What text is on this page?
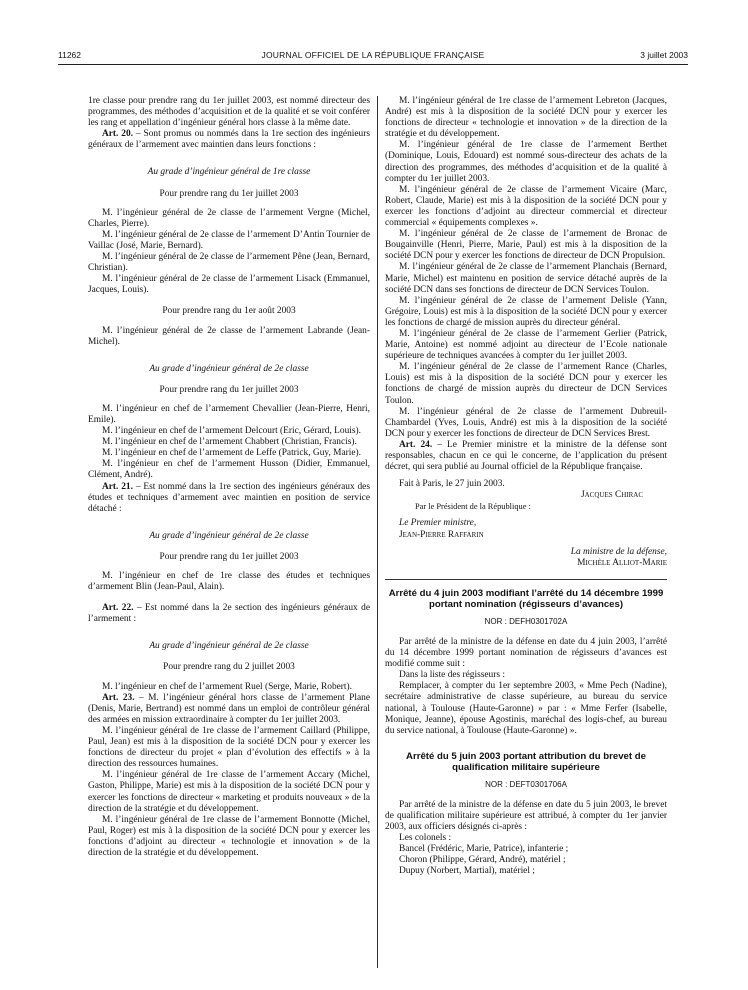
11262	JOURNAL OFFICIEL DE LA RÉPUBLIQUE FRANÇAISE	3 juillet 2003

1re classe pour prendre rang du 1er juillet 2003, est nommé directeur des programmes, des méthodes d’acquisition et de la qualité et se voit conférer les rang et appellation d’ingénieur général hors classe à la même date.

Art. 20. – Sont promus ou nommés dans la 1re section des ingénieurs généraux de l’armement avec maintien dans leurs fonctions :

Au grade d’ingénieur général de 1re classe

Pour prendre rang du 1er juillet 2003

M. l’ingénieur général de 2e classe de l’armement Vergne (Michel, Charles, Pierre).

M. l’ingénieur général de 2e classe de l’armement D’Antin Tournier de Vaillac (José, Marie, Bernard).

M. l’ingénieur général de 2e classe de l’armement Pêne (Jean, Bernard, Christian).

M. l’ingénieur général de 2e classe de l’armement Lisack (Emmanuel, Jacques, Louis).

Pour prendre rang du 1er août 2003

M. l’ingénieur général de 2e classe de l’armement Labrande (Jean-Michel).

Au grade d’ingénieur général de 2e classe

Pour prendre rang du 1er juillet 2003

M. l’ingénieur en chef de l’armement Chevallier (Jean-Pierre, Henri, Emile).

M. l’ingénieur en chef de l’armement Delcourt (Eric, Gérard, Louis).

M. l’ingénieur en chef de l’armement Chabbert (Christian, Francis).

M. l’ingénieur en chef de l’armement de Leffe (Patrick, Guy, Marie).

M. l’ingénieur en chef de l’armement Husson (Didier, Emmanuel, Clément, André).

Art. 21. – Est nommé dans la 1re section des ingénieurs généraux des études et techniques d’armement avec maintien en position de service détaché :

Au grade d’ingénieur général de 2e classe

Pour prendre rang du 1er juillet 2003

M. l’ingénieur en chef de 1re classe des études et techniques d’armement Blin (Jean-Paul, Alain).

Art. 22. – Est nommé dans la 2e section des ingénieurs généraux de l’armement :

Au grade d’ingénieur général de 2e classe

Pour prendre rang du 2 juillet 2003

M. l’ingénieur en chef de l’armement Ruel (Serge, Marie, Robert).

Art. 23. – M. l’ingénieur général hors classe de l’armement Plane (Denis, Marie, Bertrand) est nommé dans un emploi de contrôleur général des armées en mission extraordinaire à compter du 1er juillet 2003.

M. l’ingénieur général de 1re classe de l’armement Caillard (Philippe, Paul, Jean) est mis à la disposition de la société DCN pour y exercer les fonctions de directeur du projet « plan d’évolution des effectifs » à la direction des ressources humaines.

M. l’ingénieur général de 1re classe de l’armement Accary (Michel, Gaston, Philippe, Marie) est mis à la disposition de la société DCN pour y exercer les fonctions de directeur « marketing et produits nouveaux » de la direction de la stratégie et du développement.

M. l’ingénieur général de 1re classe de l’armement Bonnotte (Michel, Paul, Roger) est mis à la disposition de la société DCN pour y exercer les fonctions d’adjoint au directeur « technologie et innovation » de la direction de la stratégie et du développement.

M. l’ingénieur général de 1re classe de l’armement Lebreton (Jacques, André) est mis à la disposition de la société DCN pour y exercer les fonctions de directeur « technologie et innovation » de la direction de la stratégie et du développement.

M. l’ingénieur général de 1re classe de l’armement Berthet (Dominique, Louis, Edouard) est nommé sous-directeur des achats de la direction des programmes, des méthodes d’acquisition et de la qualité à compter du 1er juillet 2003.

M. l’ingénieur général de 2e classe de l’armement Vicaire (Marc, Robert, Claude, Marie) est mis à la disposition de la société DCN pour y exercer les fonctions d’adjoint au directeur commercial et directeur commercial « équipements complexes ».

M. l’ingénieur général de 2e classe de l’armement de Bronac de Bougainville (Henri, Pierre, Marie, Paul) est mis à la disposition de la société DCN pour y exercer les fonctions de directeur de DCN Propulsion.

M. l’ingénieur général de 2e classe de l’armement Planchais (Bernard, Marie, Michel) est maintenu en position de service détaché auprès de la société DCN dans ses fonctions de directeur de DCN Services Toulon.

M. l’ingénieur général de 2e classe de l’armement Delisle (Yann, Grégoire, Louis) est mis à la disposition de la société DCN pour y exercer les fonctions de chargé de mission auprès du directeur général.

M. l’ingénieur général de 2e classe de l’armement Gerlier (Patrick, Marie, Antoine) est nommé adjoint au directeur de l’Ecole nationale supérieure de techniques avancées à compter du 1er juillet 2003.

M. l’ingénieur général de 2e classe de l’armement Rance (Charles, Louis) est mis à la disposition de la société DCN pour y exercer les fonctions de chargé de mission auprès du directeur de DCN Services Toulon.

M. l’ingénieur général de 2e classe de l’armement Dubreuil-Chambardel (Yves, Louis, André) est mis à la disposition de la société DCN pour y exercer les fonctions de directeur de DCN Services Brest.

Art. 24. – Le Premier ministre et la ministre de la défense sont responsables, chacun en ce qui le concerne, de l’application du présent décret, qui sera publié au Journal officiel de la République française.

Fait à Paris, le 27 juin 2003.

Jacques Chirac

Par le Président de la République :

Le Premier ministre,

Jean-Pierre Raffarin

La ministre de la défense,

Michèle Alliot-Marie

Arrêté du 4 juin 2003 modifiant l’arrêté du 14 décembre 1999 portant nomination (régisseurs d’avances)

NOR : DEFH0301702A

Par arrêté de la ministre de la défense en date du 4 juin 2003, l’arrêté du 14 décembre 1999 portant nomination de régisseurs d’avances est modifié comme suit :

Dans la liste des régisseurs :

Remplacer, à compter du 1er septembre 2003, « Mme Pech (Nadine), secrétaire administrative de classe supérieure, au bureau du service national, à Toulouse (Haute-Garonne) » par : « Mme Ferfer (Isabelle, Monique, Jeanne), épouse Agostinis, maréchal des logis-chef, au bureau du service national, à Toulouse (Haute-Garonne) ».

Arrêté du 5 juin 2003 portant attribution du brevet de qualification militaire supérieure

NOR : DEFT0301706A

Par arrêté de la ministre de la défense en date du 5 juin 2003, le brevet de qualification militaire supérieure est attribué, à compter du 1er janvier 2003, aux officiers désignés ci-après :

Les colonels :

Bancel (Frédéric, Marie, Patrice), infanterie ;

Choron (Philippe, Gérard, André), matériel ;

Dupuy (Norbert, Martial), matériel ;
